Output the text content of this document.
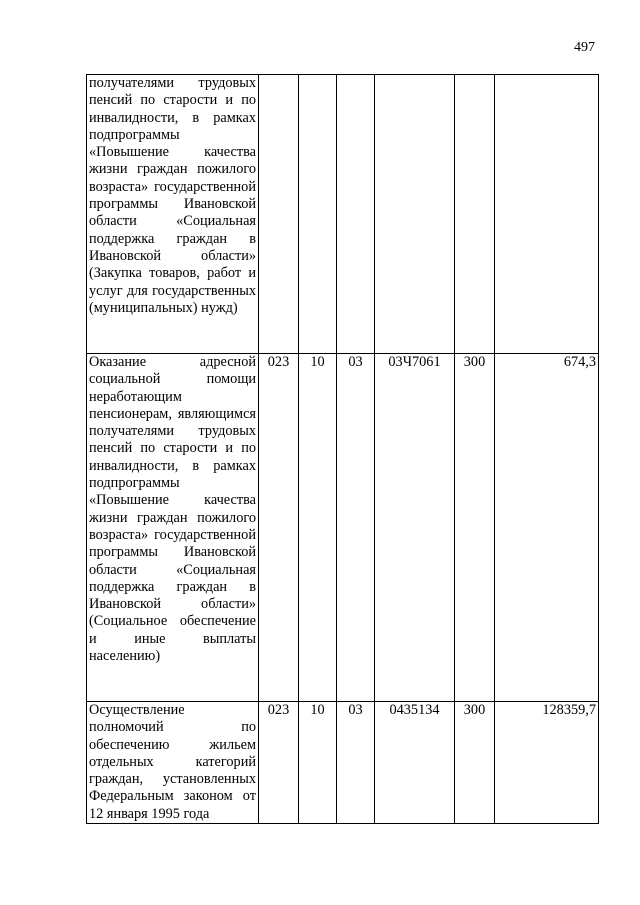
497
получателями трудовых пенсий по старости и по инвалидности, в рамках подпрограммы «Повышение качества жизни граждан пожилого возраста» государственной программы Ивановской области «Социальная поддержка граждан в Ивановской области» (Закупка товаров, работ и услуг для государственных (муниципальных) нужд)						
Оказание адресной социальной помощи неработающим пенсионерам, являющимся получателями трудовых пенсий по старости и по инвалидности, в рамках подпрограммы «Повышение качества жизни граждан пожилого возраста» государственной программы Ивановской области «Социальная поддержка граждан в Ивановской области» (Социальное обеспечение и иные выплаты населению)	023	10	03	03Ч7061	300	674,3
Осуществление полномочий по обеспечению жильем отдельных категорий граждан, установленных Федеральным законом от 12 января 1995 года	023	10	03	0435134	300	128359,7
